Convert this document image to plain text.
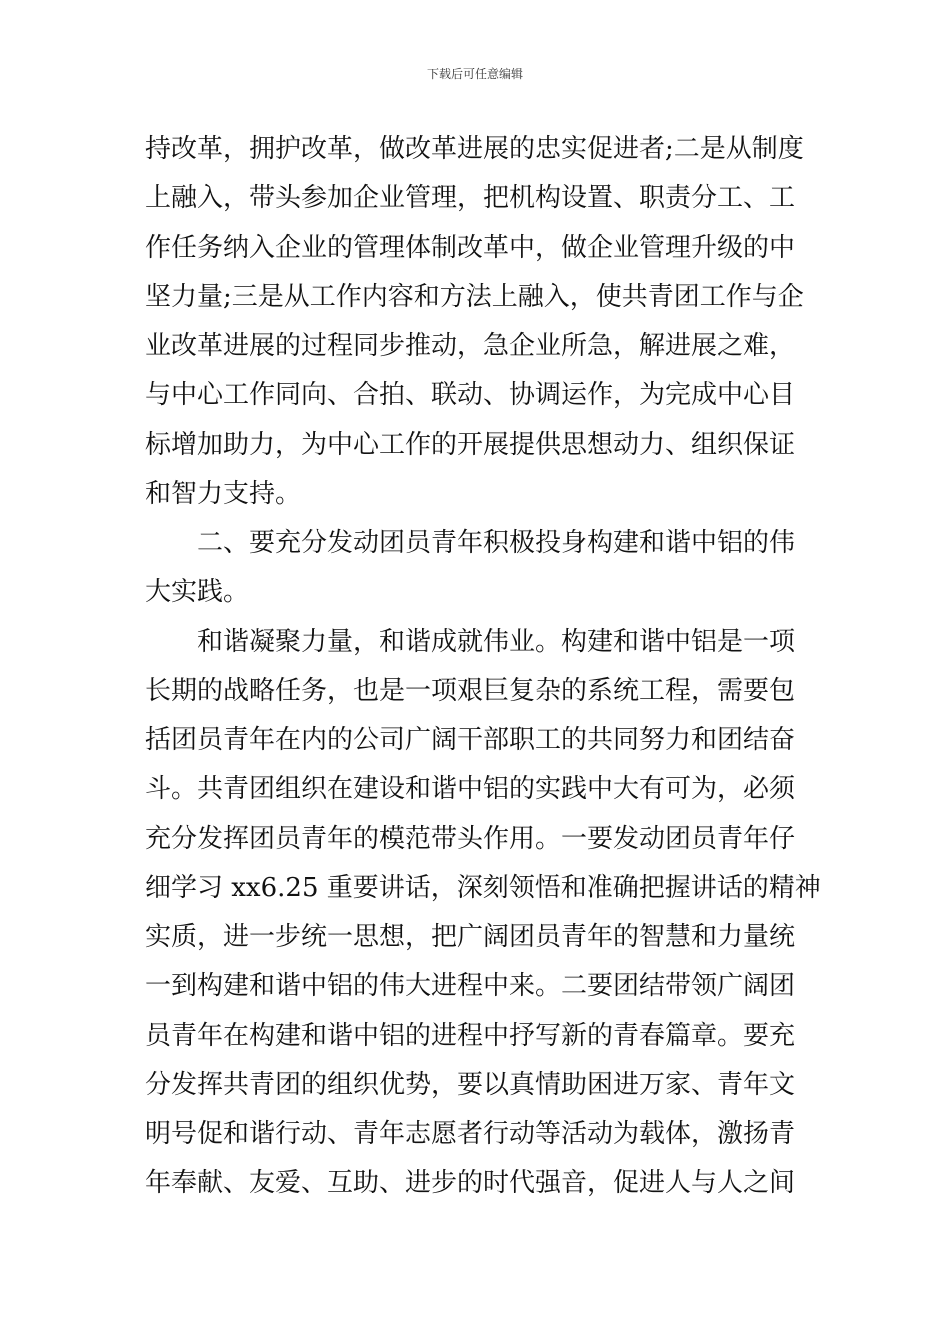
下载后可任意编辑
持改革，拥护改革，做改革进展的忠实促进者;二是从制度
上融入，带头参加企业管理，把机构设置、职责分工、工
作任务纳入企业的管理体制改革中，做企业管理升级的中
坚力量;三是从工作内容和方法上融入，使共青团工作与企
业改革进展的过程同步推动，急企业所急，解进展之难，
与中心工作同向、合拍、联动、协调运作，为完成中心目
标增加助力，为中心工作的开展提供思想动力、组织保证
和智力支持。
二、要充分发动团员青年积极投身构建和谐中铝的伟
大实践。
和谐凝聚力量，和谐成就伟业。构建和谐中铝是一项
长期的战略任务，也是一项艰巨复杂的系统工程，需要包
括团员青年在内的公司广阔干部职工的共同努力和团结奋
斗。共青团组织在建设和谐中铝的实践中大有可为，必须
充分发挥团员青年的模范带头作用。一要发动团员青年仔
细学习 xx6.25 重要讲话，深刻领悟和准确把握讲话的精神
实质，进一步统一思想，把广阔团员青年的智慧和力量统
一到构建和谐中铝的伟大进程中来。二要团结带领广阔团
员青年在构建和谐中铝的进程中抒写新的青春篇章。要充
分发挥共青团的组织优势，要以真情助困进万家、青年文
明号促和谐行动、青年志愿者行动等活动为载体，激扬青
年奉献、友爱、互助、进步的时代强音，促进人与人之间
